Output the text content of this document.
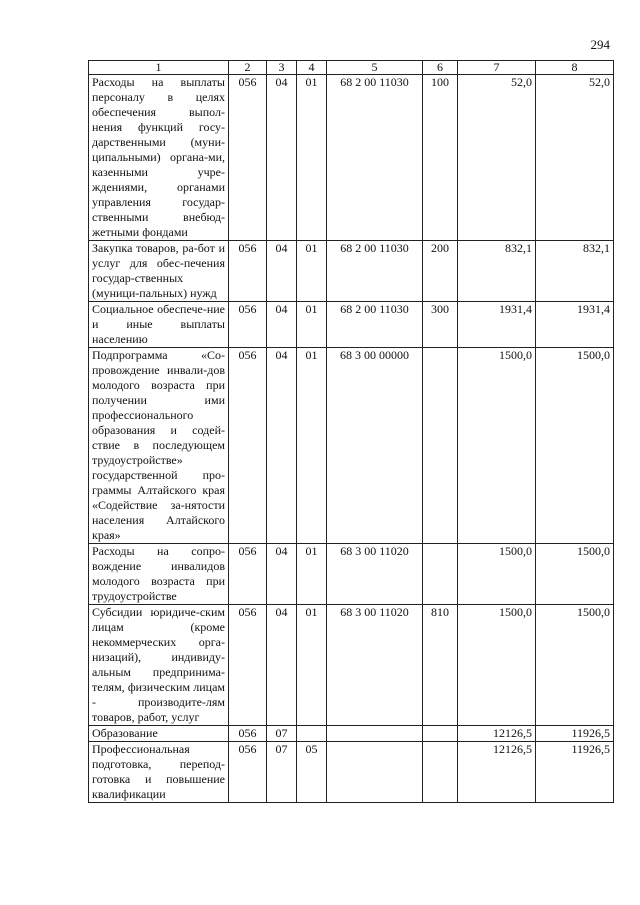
294
1	2	3	4	5	6	7	8
Расходы на выплаты персоналу в целях обеспечения выпол-нения функций госу-дарственными (муни-ципальными) органа-ми, казенными учре-ждениями, органами управления государ-ственными внебюд-жетными фондами	056	04	01	68 2 00 11030	100	52,0	52,0
Закупка товаров, ра-бот и услуг для обес-печения государ-ственных (муници-пальных) нужд	056	04	01	68 2 00 11030	200	832,1	832,1
Социальное обеспече-ние и иные выплаты населению	056	04	01	68 2 00 11030	300	1931,4	1931,4
Подпрограмма «Со-провождение инвали-дов молодого возраста при получении ими профессионального образования и содей-ствие в последующем трудоустройстве» государственной про-граммы Алтайского края «Содействие за-нятости населения Алтайского края»	056	04	01	68 3 00 00000		1500,0	1500,0
Расходы на сопро-вождение инвалидов молодого возраста при трудоустройстве	056	04	01	68 3 00 11020		1500,0	1500,0
Субсидии юридиче-ским лицам (кроме некоммерческих орга-низаций), индивиду-альным предпринима-телям, физическим лицам - производите-лям товаров, работ, услуг	056	04	01	68 3 00 11020	810	1500,0	1500,0
Образование	056	07				12126,5	11926,5
Профессиональная подготовка, перепод-готовка и повышение квалификации	056	07	05			12126,5	11926,5
